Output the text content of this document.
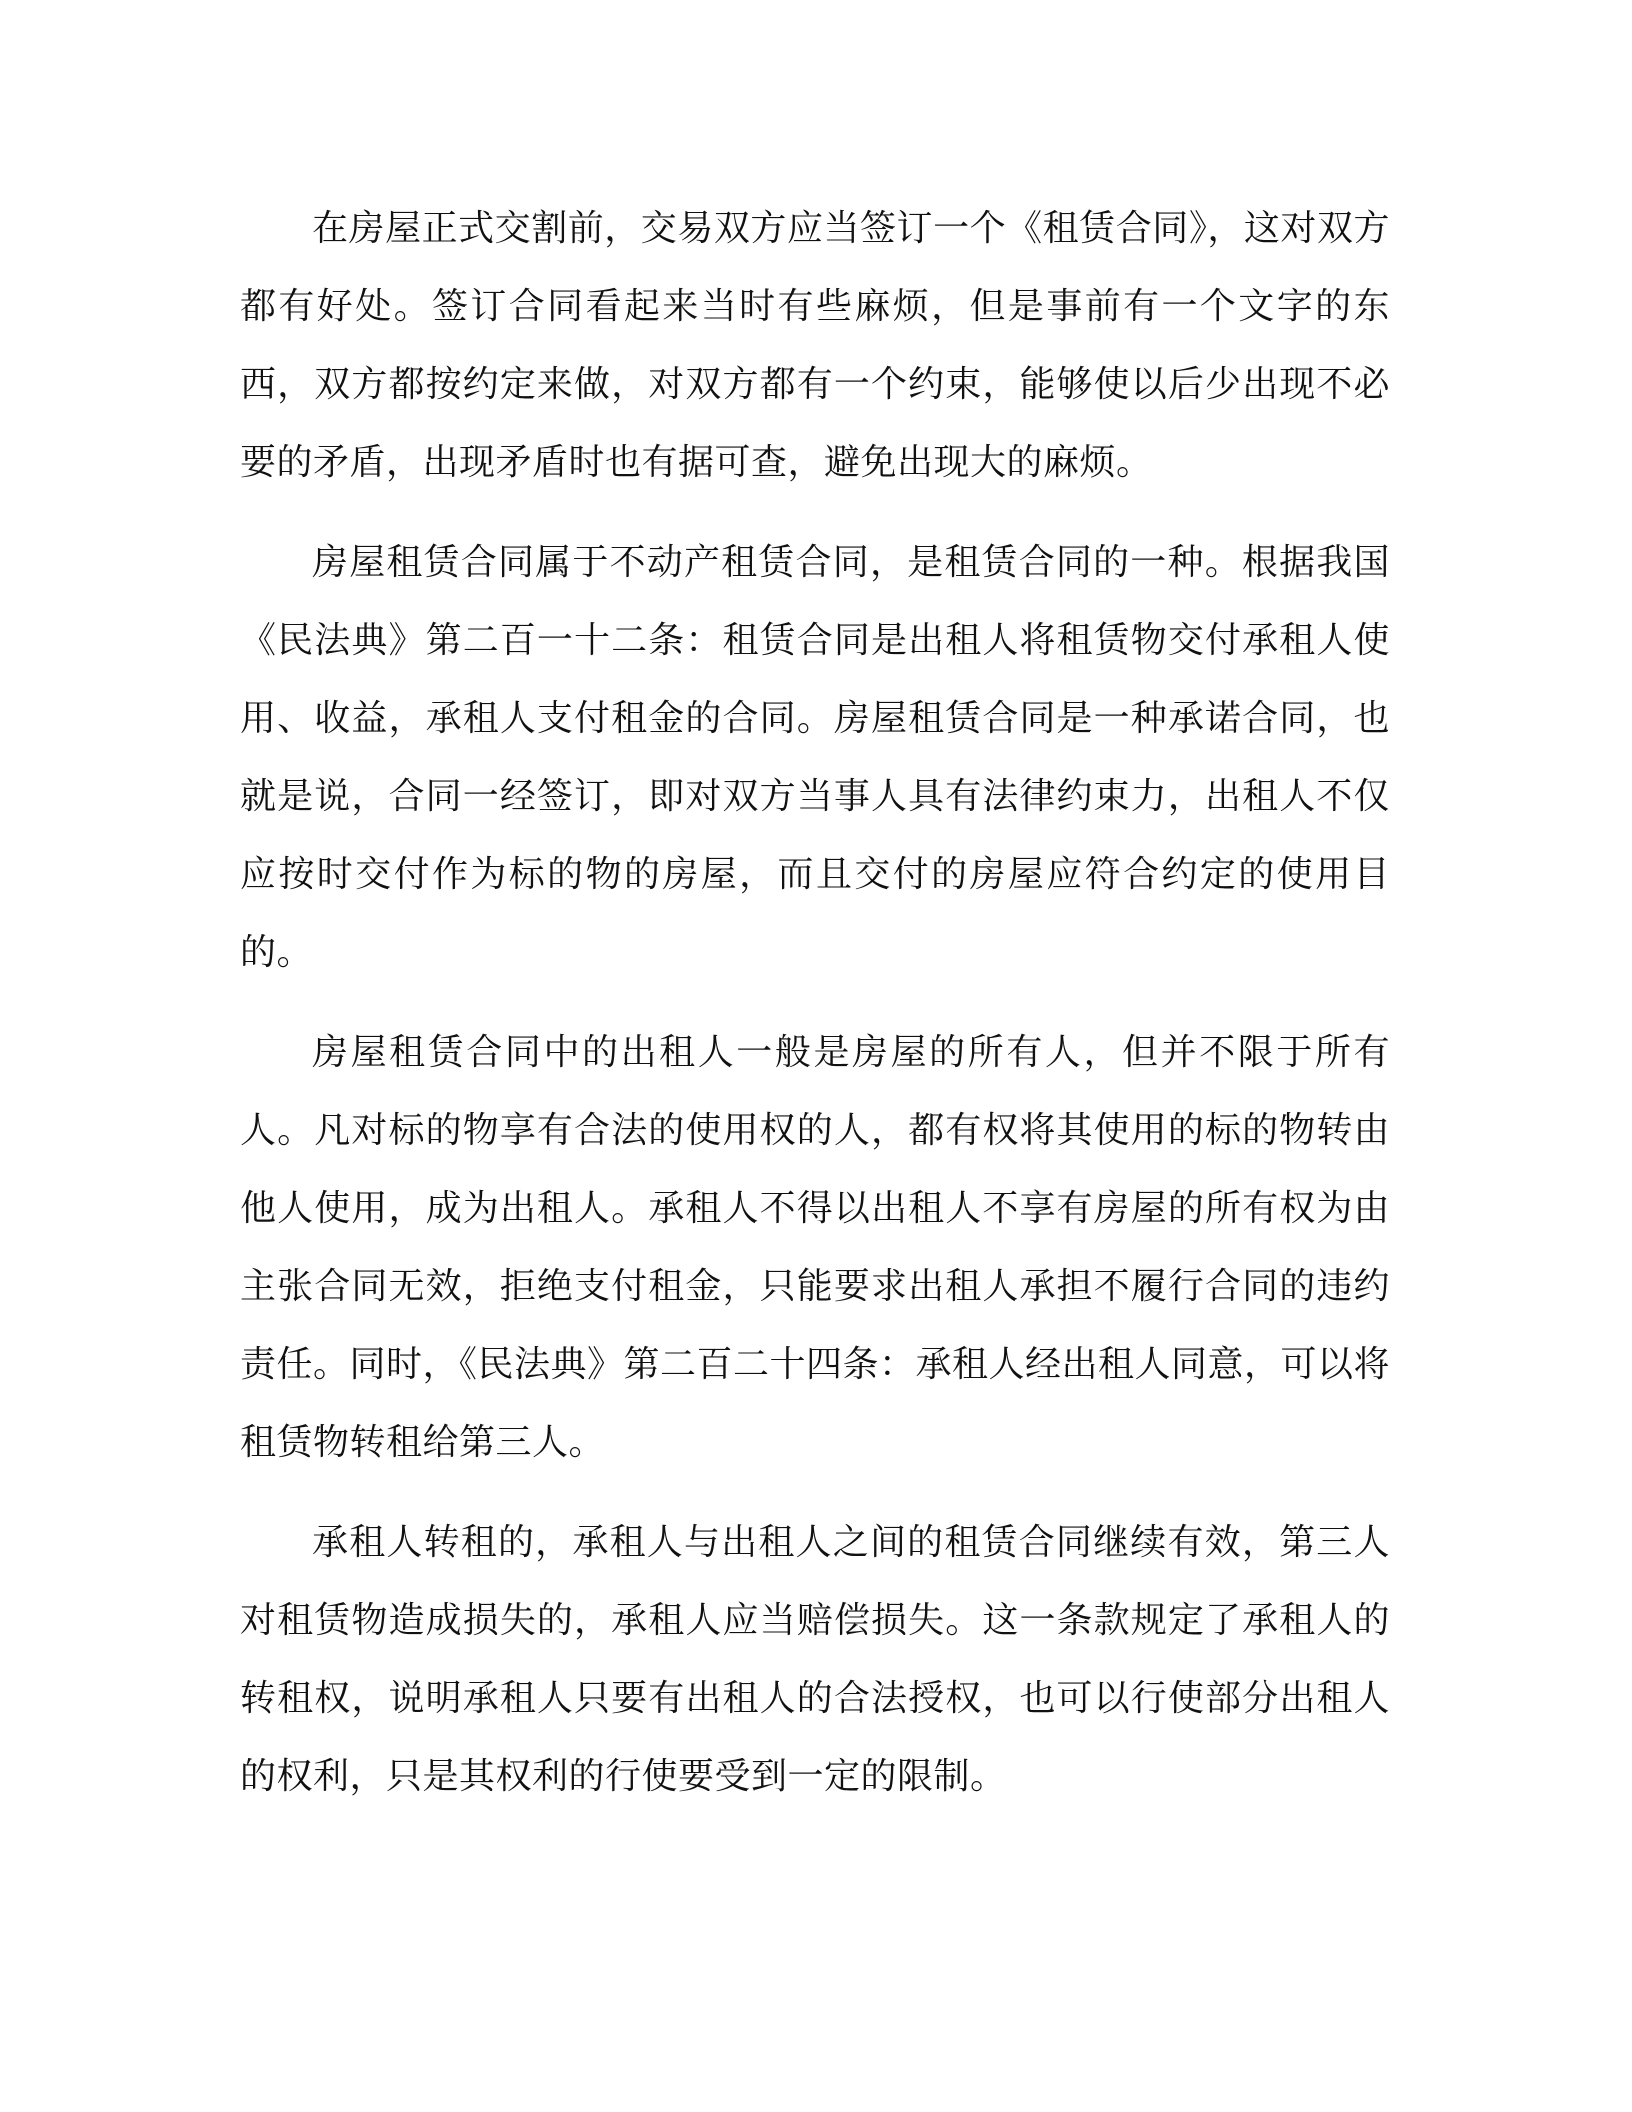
在房屋正式交割前，交易双方应当签订一个《租赁合同》，这对双方都有好处。签订合同看起来当时有些麻烦，但是事前有一个文字的东西，双方都按约定来做，对双方都有一个约束，能够使以后少出现不必要的矛盾，出现矛盾时也有据可查，避免出现大的麻烦。

房屋租赁合同属于不动产租赁合同，是租赁合同的一种。根据我国《民法典》第二百一十二条：租赁合同是出租人将租赁物交付承租人使用、收益，承租人支付租金的合同。房屋租赁合同是一种承诺合同，也就是说，合同一经签订，即对双方当事人具有法律约束力，出租人不仅应按时交付作为标的物的房屋，而且交付的房屋应符合约定的使用目的。

房屋租赁合同中的出租人一般是房屋的所有人，但并不限于所有人。凡对标的物享有合法的使用权的人，都有权将其使用的标的物转由他人使用，成为出租人。承租人不得以出租人不享有房屋的所有权为由主张合同无效，拒绝支付租金，只能要求出租人承担不履行合同的违约责任。同时，《民法典》第二百二十四条：承租人经出租人同意，可以将租赁物转租给第三人。

承租人转租的，承租人与出租人之间的租赁合同继续有效，第三人对租赁物造成损失的，承租人应当赔偿损失。这一条款规定了承租人的转租权，说明承租人只要有出租人的合法授权，也可以行使部分出租人的权利，只是其权利的行使要受到一定的限制。
